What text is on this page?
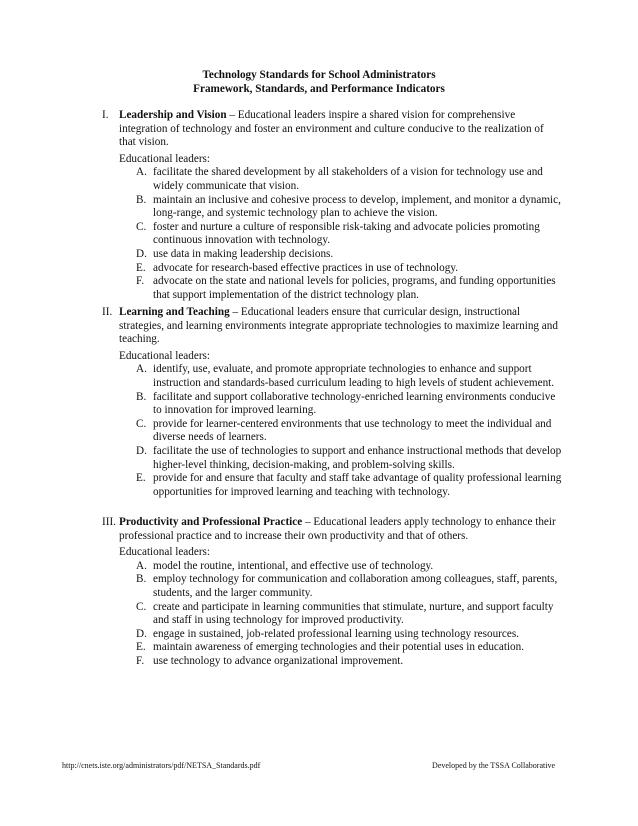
Technology Standards for School Administrators
Framework, Standards, and Performance Indicators
I. Leadership and Vision – Educational leaders inspire a shared vision for comprehensive integration of technology and foster an environment and culture conducive to the realization of that vision.
Educational leaders:
A. facilitate the shared development by all stakeholders of a vision for technology use and widely communicate that vision.
B. maintain an inclusive and cohesive process to develop, implement, and monitor a dynamic, long-range, and systemic technology plan to achieve the vision.
C. foster and nurture a culture of responsible risk-taking and advocate policies promoting continuous innovation with technology.
D. use data in making leadership decisions.
E. advocate for research-based effective practices in use of technology.
F. advocate on the state and national levels for policies, programs, and funding opportunities that support implementation of the district technology plan.
II. Learning and Teaching – Educational leaders ensure that curricular design, instructional strategies, and learning environments integrate appropriate technologies to maximize learning and teaching.
Educational leaders:
A. identify, use, evaluate, and promote appropriate technologies to enhance and support instruction and standards-based curriculum leading to high levels of student achievement.
B. facilitate and support collaborative technology-enriched learning environments conducive to innovation for improved learning.
C. provide for learner-centered environments that use technology to meet the individual and diverse needs of learners.
D. facilitate the use of technologies to support and enhance instructional methods that develop higher-level thinking, decision-making, and problem-solving skills.
E. provide for and ensure that faculty and staff take advantage of quality professional learning opportunities for improved learning and teaching with technology.
III. Productivity and Professional Practice – Educational leaders apply technology to enhance their professional practice and to increase their own productivity and that of others.
Educational leaders:
A. model the routine, intentional, and effective use of technology.
B. employ technology for communication and collaboration among colleagues, staff, parents, students, and the larger community.
C. create and participate in learning communities that stimulate, nurture, and support faculty and staff in using technology for improved productivity.
D. engage in sustained, job-related professional learning using technology resources.
E. maintain awareness of emerging technologies and their potential uses in education.
F. use technology to advance organizational improvement.
http://cnets.iste.org/administrators/pdf/NETSA_Standards.pdf	Developed by the TSSA Collaborative
